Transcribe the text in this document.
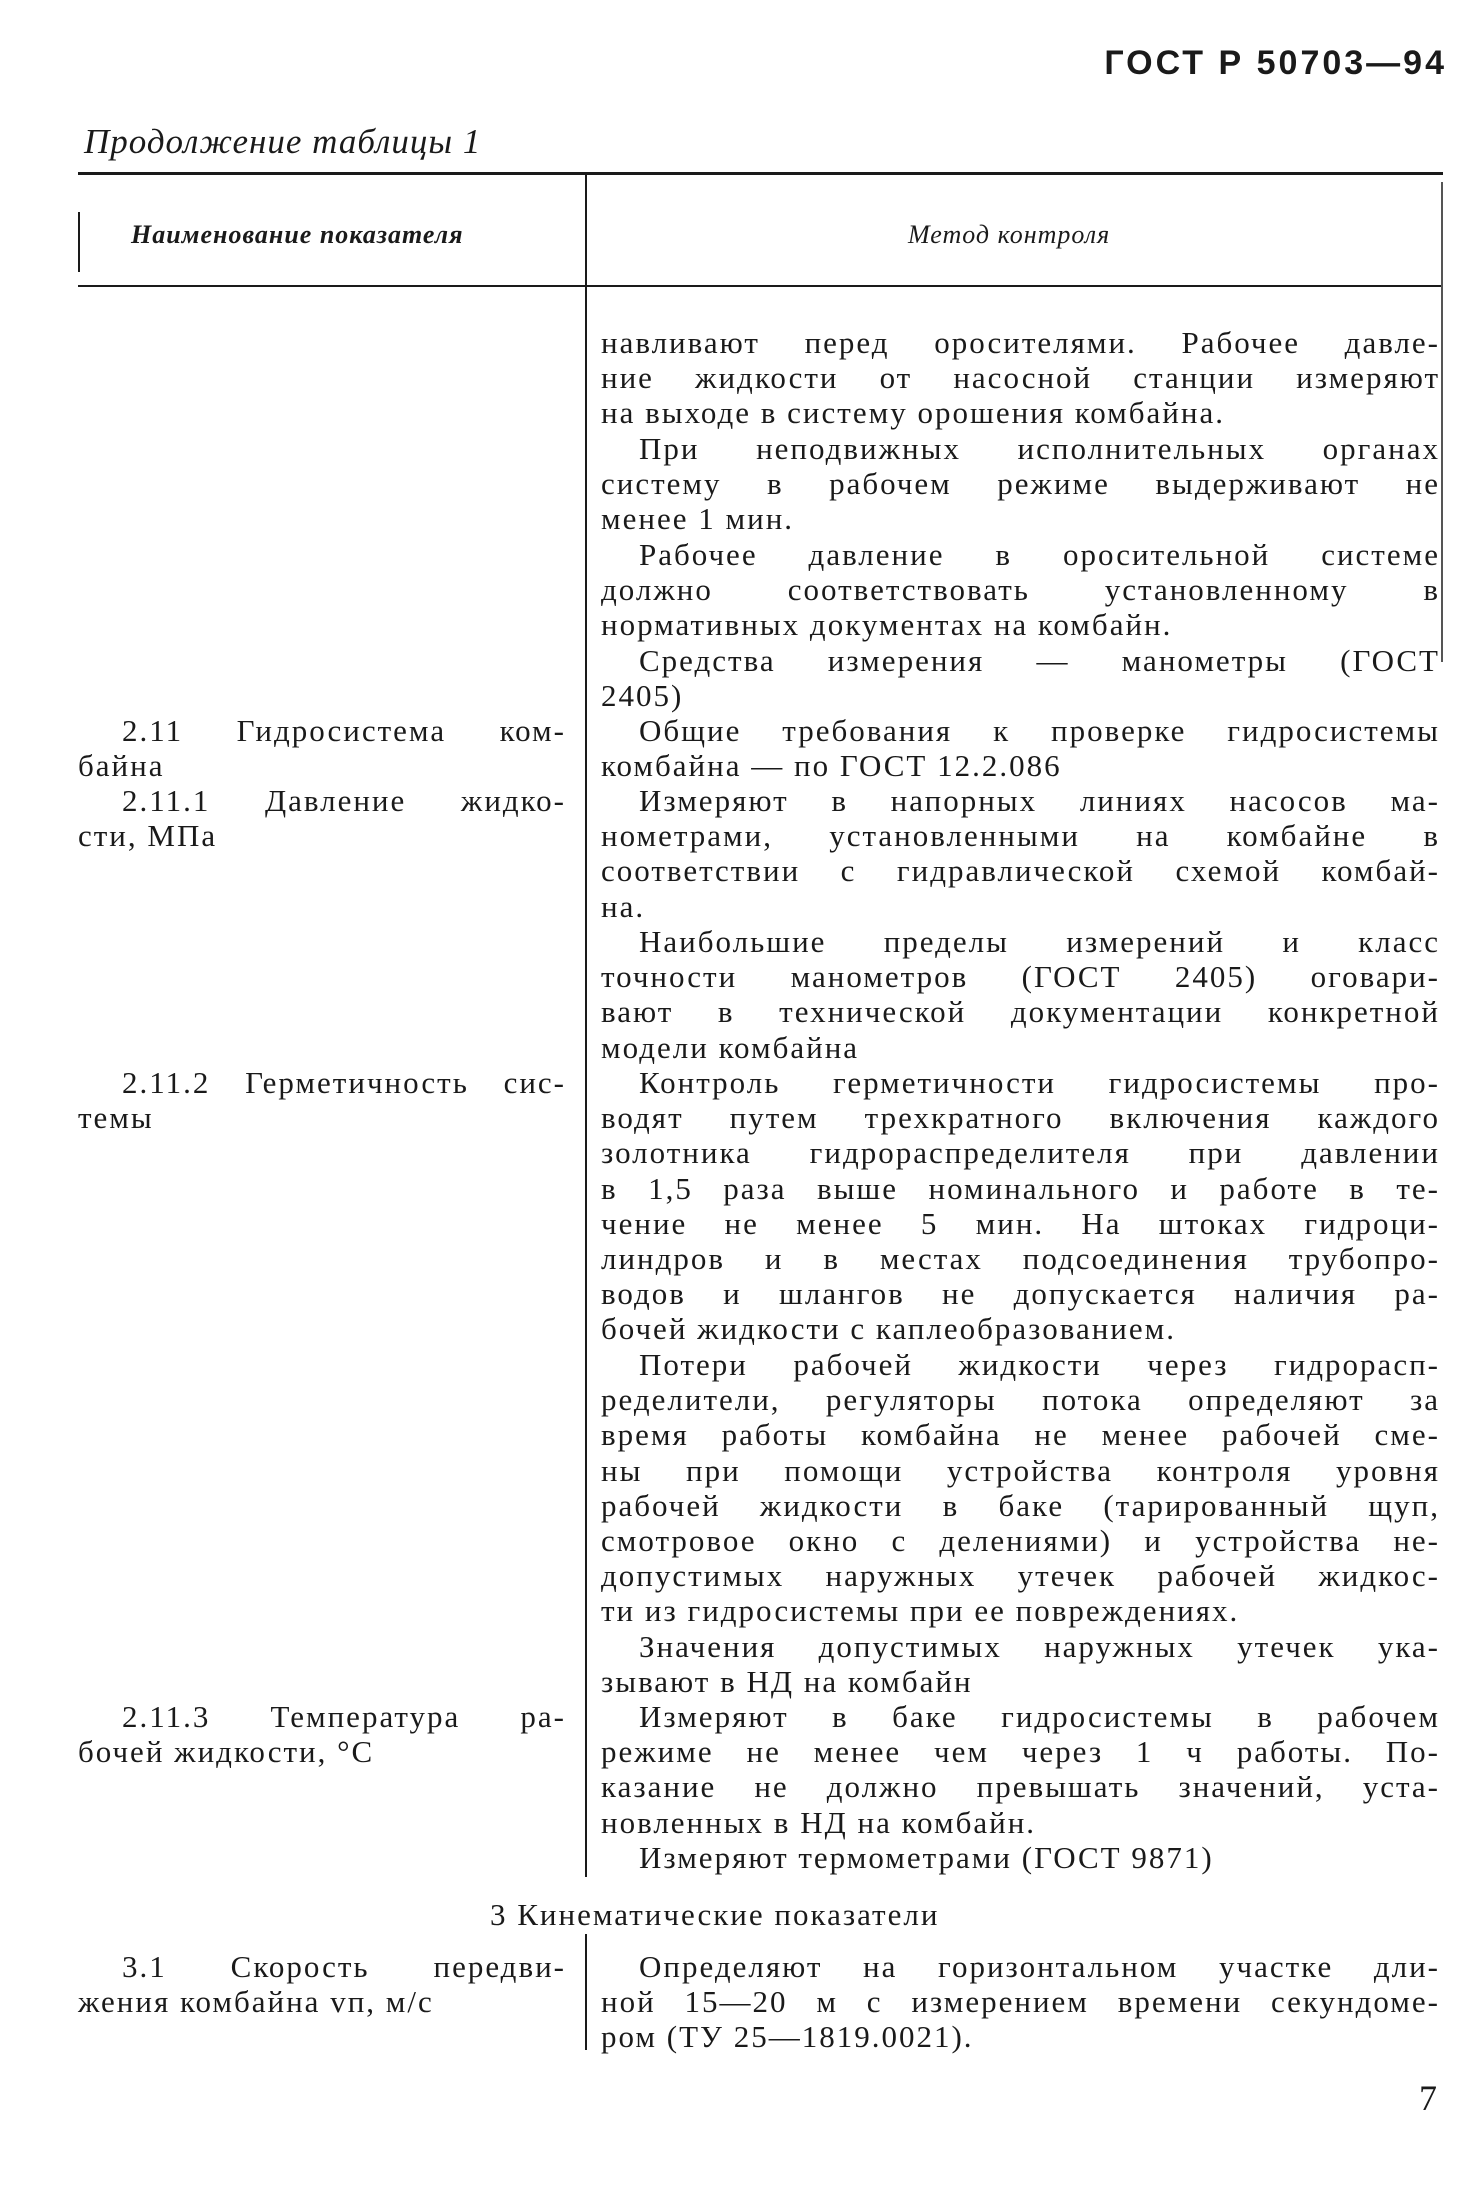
ГОСТ Р 50703—94
Продолжение таблицы 1
Наименование показателя	Метод контроля
навливают перед оросителями. Рабочее давле-
ние жидкости от насосной станции измеряют
на выходе в систему орошения комбайна.
При неподвижных исполнительных органах
систему в рабочем режиме выдерживают не
менее 1 мин.
Рабочее давление в оросительной системе
должно соответствовать установленному в
нормативных документах на комбайн.
Средства измерения — манометры (ГОСТ
2405)
2.11 Гидросистема ком-
байна
Общие требования к проверке гидросистемы
комбайна — по ГОСТ 12.2.086
2.11.1 Давление жидко-
сти, МПа
Измеряют в напорных линиях насосов ма-
нометрами, установленными на комбайне в
соответствии с гидравлической схемой комбай-
на.
Наибольшие пределы измерений и класс
точности манометров (ГОСТ 2405) оговари-
вают в технической документации конкретной
модели комбайна
2.11.2 Герметичность сис-
темы
Контроль герметичности гидросистемы про-
водят путем трехкратного включения каждого
золотника гидрораспределителя при давлении
в 1,5 раза выше номинального и работе в те-
чение не менее 5 мин. На штоках гидроци-
линдров и в местах подсоединения трубопро-
водов и шлангов не допускается наличия ра-
бочей жидкости с каплеобразованием.
Потери рабочей жидкости через гидрорасп-
ределители, регуляторы потока определяют за
время работы комбайна не менее рабочей сме-
ны при помощи устройства контроля уровня
рабочей жидкости в баке (тарированный щуп,
смотровое окно с делениями) и устройства не-
допустимых наружных утечек рабочей жидкос-
ти из гидросистемы при ее повреждениях.
Значения допустимых наружных утечек ука-
зывают в НД на комбайн
2.11.3 Температура ра-
бочей жидкости, °С
Измеряют в баке гидросистемы в рабочем
режиме не менее чем через 1 ч работы. По-
казание не должно превышать значений, уста-
новленных в НД на комбайн.
Измеряют термометрами (ГОСТ 9871)
3 Кинематические показатели
3.1 Скорость передви-
жения комбайна vп, м/с
Определяют на горизонтальном участке дли-
ной 15—20 м с измерением времени секундоме-
ром (ТУ 25—1819.0021).
7
